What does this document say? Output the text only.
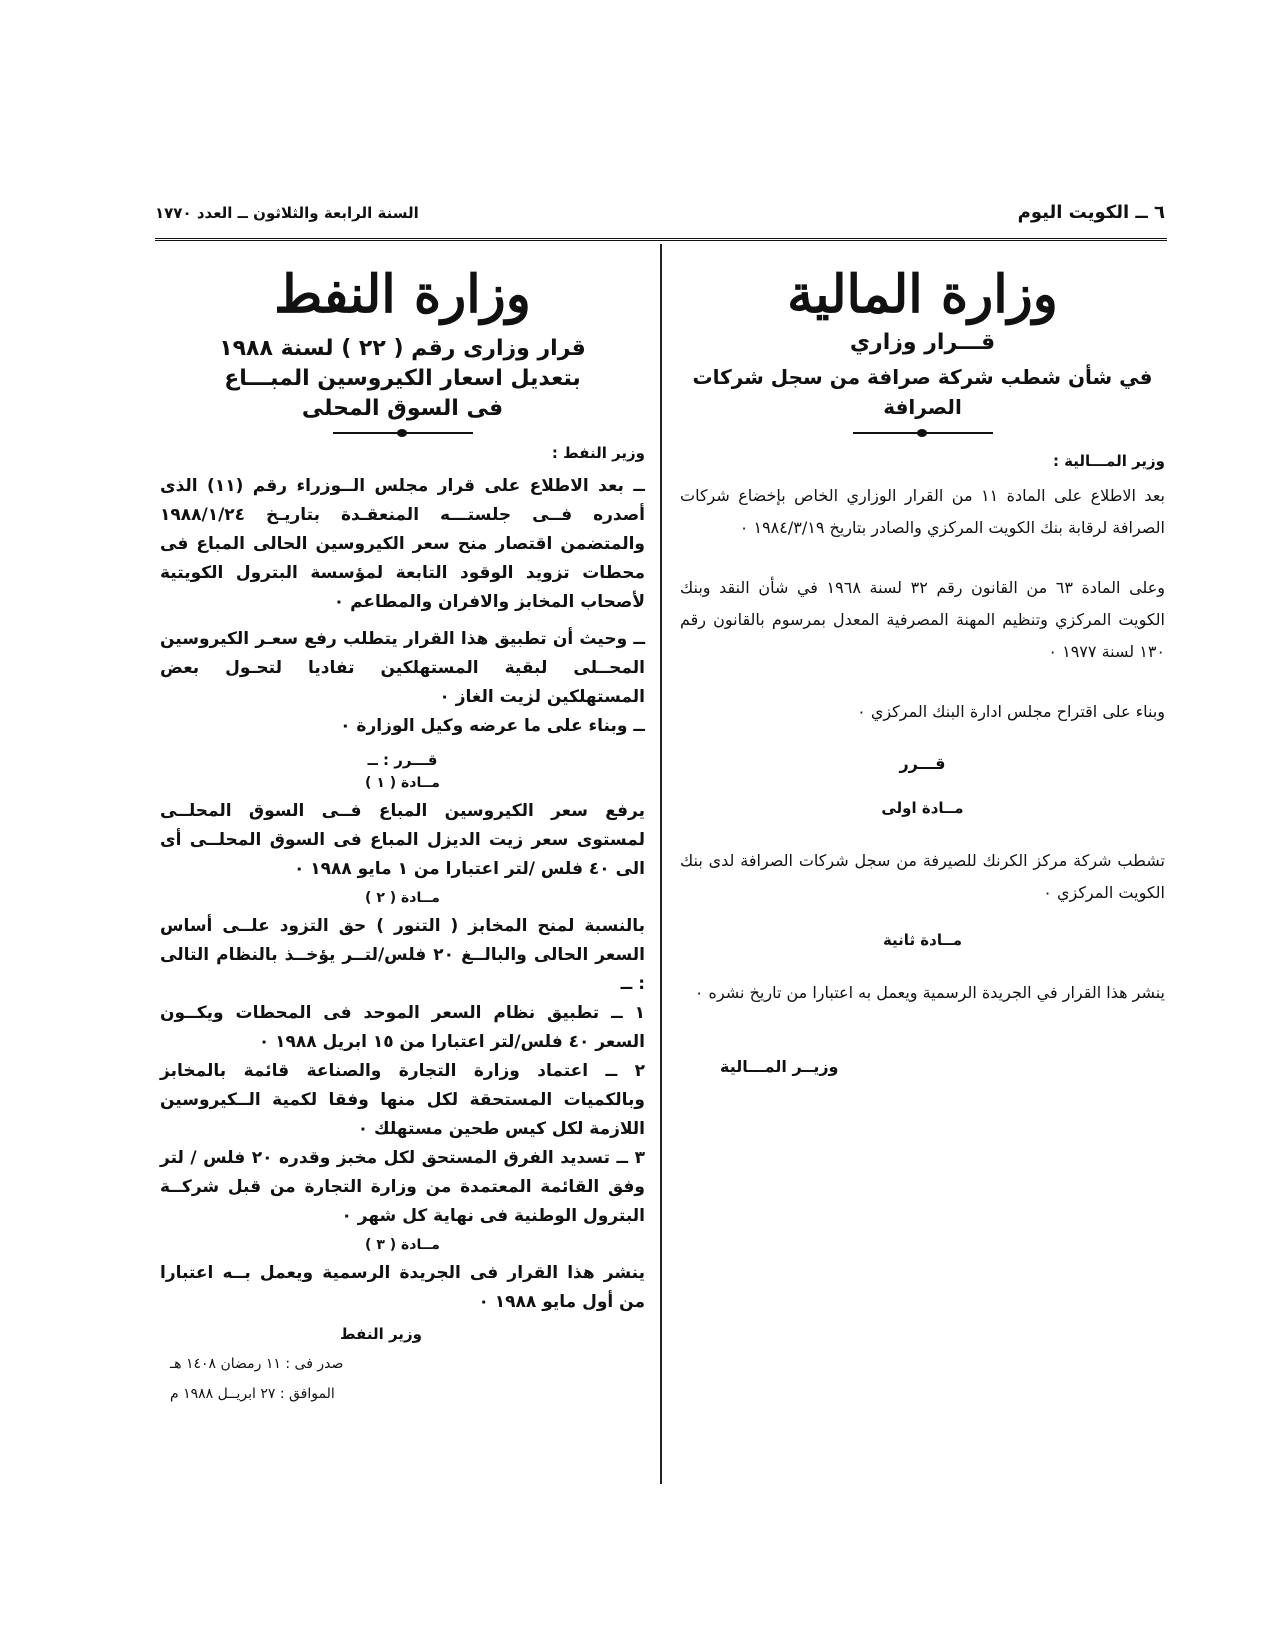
٦ ــ الكويت اليوم
السنة الرابعة والثلاثون ــ العدد ١٧٧٠
وزارة المالية

قـــرار وزاري

في شأن شطب شركة صرافة من سجل شركات الصرافة

وزير المـــالية :

بعد الاطلاع على المادة ١١ من القرار الوزاري الخاص بإخضاع شركات الصرافة لرقابة بنك الكويت المركزي والصادر بتاريخ ١٩٨٤/٣/١٩ ٠

وعلى المادة ٦٣ من القانون رقم ٣٢ لسنة ١٩٦٨ في شأن النقد وبنك الكويت المركزي وتنظيم المهنة المصرفية المعدل بمرسوم بالقانون رقم ١٣٠ لسنة ١٩٧٧ ٠

وبناء على اقتراح مجلس ادارة البنك المركزي ٠

قـــرر

مــادة اولى

تشطب شركة مركز الكرنك للصيرفة من سجل شركات الصرافة لدى بنك الكويت المركزي ٠

مــادة ثانية

ينشر هذا القرار في الجريدة الرسمية ويعمل به اعتبارا من تاريخ نشره ٠

وزيــر المـــالية

وزارة النفط

قرار وزارى رقم ( ٢٢ ) لسنة ١٩٨٨

بتعديل اسعار الكيروسين المبـــاع

فى السوق المحلى

وزير النفط :

ــ بعد الاطلاع على قرار مجلس الــوزراء رقم (١١) الذى أصدره فــى جلستـــه المنعقـدة بتاريـخ ١٩٨٨/١/٢٤ والمتضمن اقتصار منح سعر الكيروسين الحالى المباع فى محطات تزويد الوقود التابعة لمؤسسة البترول الكويتية لأصحاب المخابز والافران والمطاعم ٠

ــ وحيث أن تطبيق هذا القرار يتطلب رفع سعـر الكيروسين المحــلى لبقية المستهلكين تفاديا لتحـول بعض المستهلكين لزيت الغاز ٠

ــ وبناء على ما عرضه وكيل الوزارة ٠

قـــرر : ــ

مــادة ( ١ )

يرفع سعر الكيروسين المباع فــى السوق المحلــى لمستوى سعر زيت الديزل المباع فى السوق المحلــى أى الى ٤٠ فلس /لتر اعتبارا من ١ مايو ١٩٨٨ ٠

مــادة ( ٢ )

بالنسبة لمنح المخابز ( التنور ) حق التزود علــى أساس السعر الحالى والبالــغ ٢٠ فلس/لتــر يؤخــذ بالنظام التالى : ــ

١ ــ تطبيق نظام السعر الموحد فى المحطات ويكــون السعر ٤٠ فلس/لتر اعتبارا من ١٥ ابريل ١٩٨٨ ٠

٢ ــ اعتماد وزارة التجارة والصناعة قائمة بالمخابز وبالكميات المستحقة لكل منها وفقا لكمية الــكيروسين اللازمة لكل كيس طحين مستهلك ٠

٣ ــ تسديد الفرق المستحق لكل مخبز وقدره ٢٠ فلس / لتر وفق القائمة المعتمدة من وزارة التجارة من قبل شركــة البترول الوطنية فى نهاية كل شهر ٠

مــادة ( ٣ )

ينشر هذا القرار فى الجريدة الرسمية ويعمل بــه اعتبارا من أول مايو ١٩٨٨ ٠

وزير النفط

صدر فى : ١١ رمضان ١٤٠٨ هـ

الموافق : ٢٧ ابريــل ١٩٨٨ م
